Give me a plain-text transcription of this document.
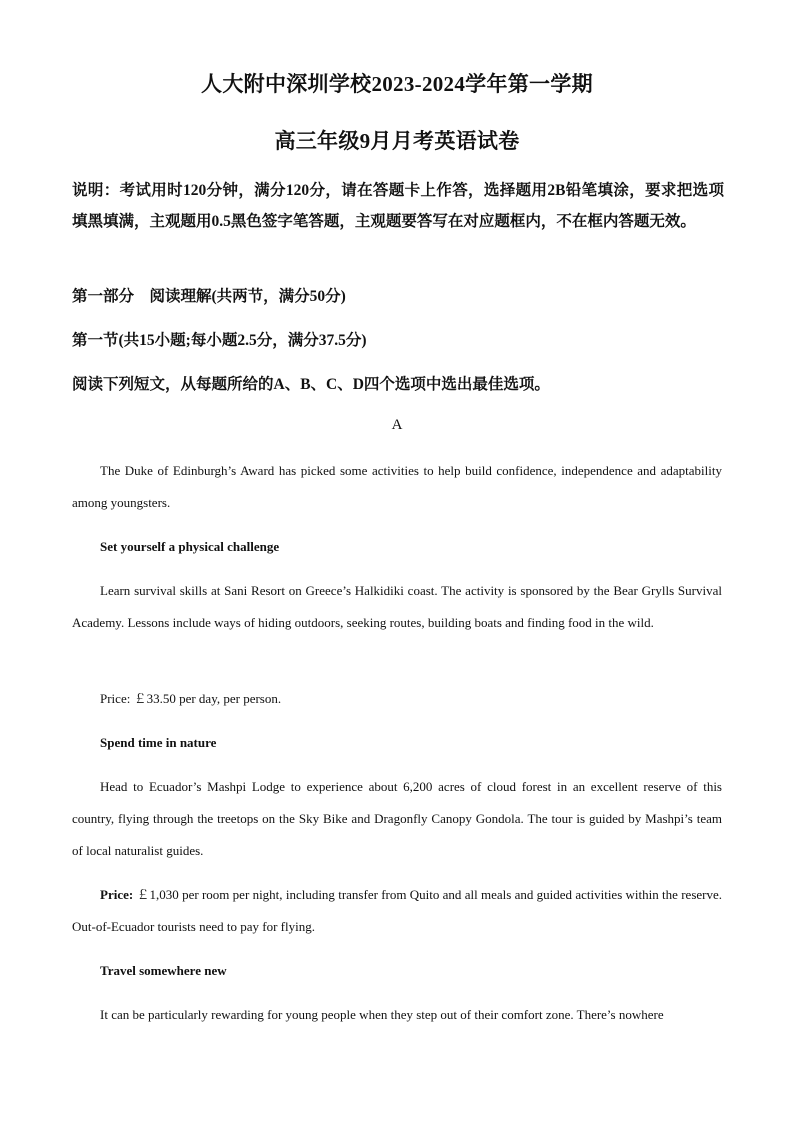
人大附中深圳学校2023-2024学年第一学期
高三年级9月月考英语试卷
说明：考试用时120分钟，满分120分，请在答题卡上作答，选择题用2B铅笔填涂，要求把选项填黑填满，主观题用0.5黑色签字笔答题，主观题要答写在对应题框内，不在框内答题无效。
第一部分　阅读理解(共两节，满分50分)
第一节(共15小题;每小题2.5分，满分37.5分)
阅读下列短文，从每题所给的A、B、C、D四个选项中选出最佳选项。
A
The Duke of Edinburgh’s Award has picked some activities to help build confidence, independence and adaptability among youngsters.
Set yourself a physical challenge
Learn survival skills at Sani Resort on Greece’s Halkidiki coast. The activity is sponsored by the Bear Grylls Survival Academy. Lessons include ways of hiding outdoors, seeking routes, building boats and finding food in the wild.
Price: ￡33.50 per day, per person.
Spend time in nature
Head to Ecuador’s Mashpi Lodge to experience about 6,200 acres of cloud forest in an excellent reserve of this country, flying through the treetops on the Sky Bike and Dragonfly Canopy Gondola. The tour is guided by Mashpi’s team of local naturalist guides.
Price: ￡1,030 per room per night, including transfer from Quito and all meals and guided activities within the reserve. Out-of-Ecuador tourists need to pay for flying.
Travel somewhere new
It can be particularly rewarding for young people when they step out of their comfort zone. There’s nowhere
